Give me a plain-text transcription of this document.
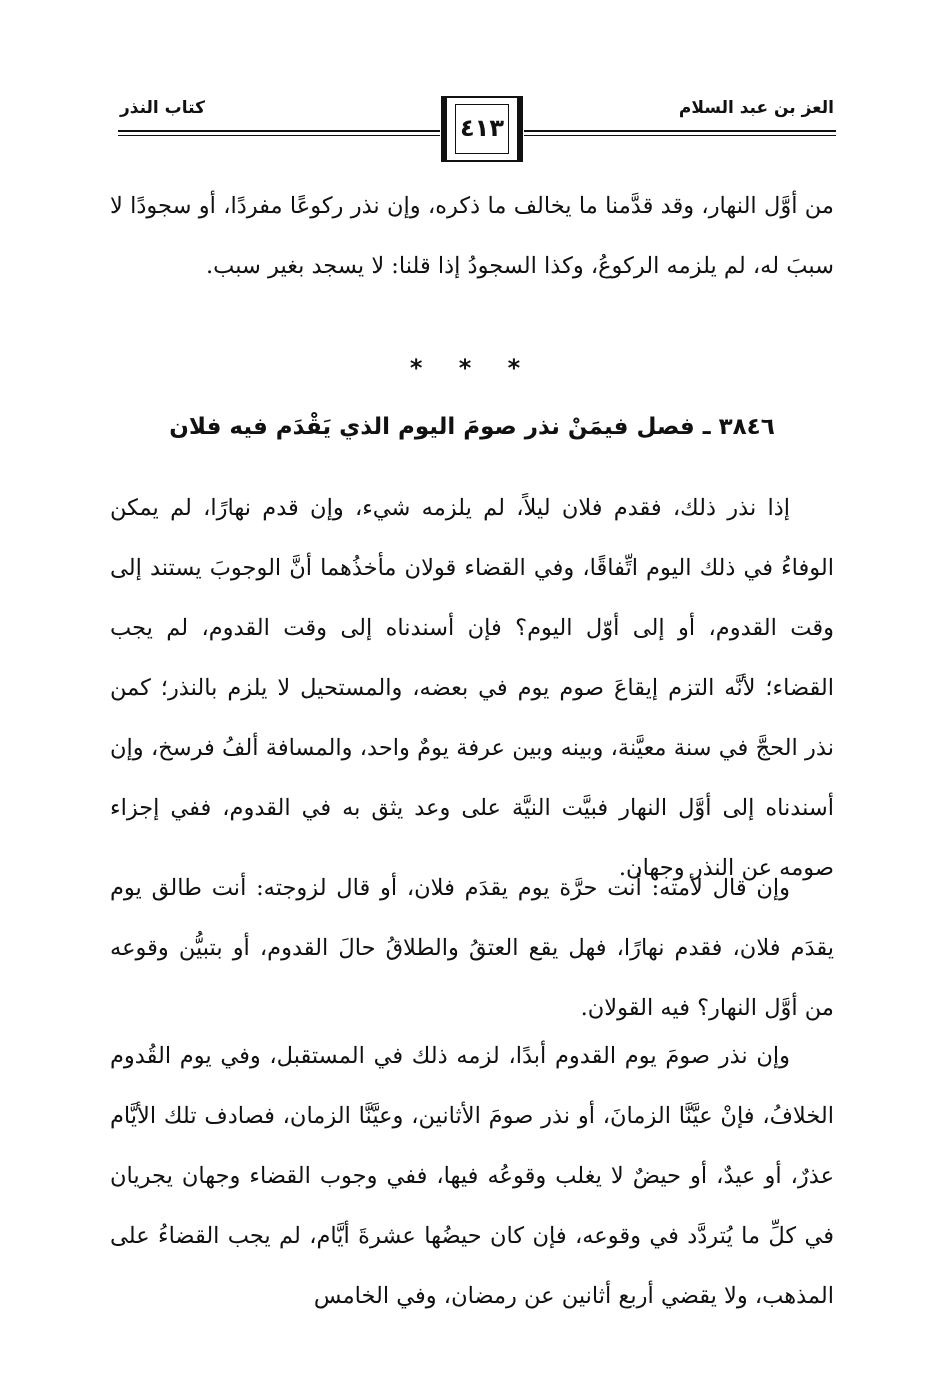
العز بن عبد السلام
كتاب النذر
٤١٣

من أوَّل النهار، وقد قدَّمنا ما يخالف ما ذكره، وإن نذر ركوعًا مفردًا، أو سجودًا لا سببَ له، لم يلزمه الركوعُ، وكذا السجودُ إذا قلنا: لا يسجد بغير سبب.

* * *
٣٨٤٦ ـ فصل فيمَنْ نذر صومَ اليوم الذي يَقْدَم فيه فلان

إذا نذر ذلك، فقدم فلان ليلاً، لم يلزمه شيء، وإن قدم نهارًا، لم يمكن الوفاءُ في ذلك اليوم اتِّفاقًا، وفي القضاء قولان مأخذُهما أنَّ الوجوبَ يستند إلى وقت القدوم، أو إلى أوّل اليوم؟ فإن أسندناه إلى وقت القدوم، لم يجب القضاء؛ لأنَّه التزم إيقاعَ صوم يوم في بعضه، والمستحيل لا يلزم بالنذر؛ كمن نذر الحجَّ في سنة معيَّنة، وبينه وبين عرفة يومٌ واحد، والمسافة ألفُ فرسخ، وإن أسندناه إلى أوَّل النهار فبيَّت النيَّة على وعد يثق به في القدوم، ففي إجزاء صومه عن النذر وجهان.

وإن قال لأمته: أنت حرَّة يوم يقدَم فلان، أو قال لزوجته: أنت طالق يوم يقدَم فلان، فقدم نهارًا، فهل يقع العتقُ والطلاقُ حالَ القدوم، أو بتبيُّن وقوعه من أوَّل النهار؟ فيه القولان.

وإن نذر صومَ يوم القدوم أبدًا، لزمه ذلك في المستقبل، وفي يوم القُدوم الخلافُ، فإنْ عيَّنَّا الزمانَ، أو نذر صومَ الأثانين، وعيَّنَّا الزمان، فصادف تلك الأيَّام عذرٌ، أو عيدٌ، أو حيضٌ لا يغلب وقوعُه فيها، ففي وجوب القضاء وجهان يجريان في كلِّ ما يُتردَّد في وقوعه، فإن كان حيضُها عشرةَ أيَّام، لم يجب القضاءُ على المذهب، ولا يقضي أربع أثانين عن رمضان، وفي الخامس
